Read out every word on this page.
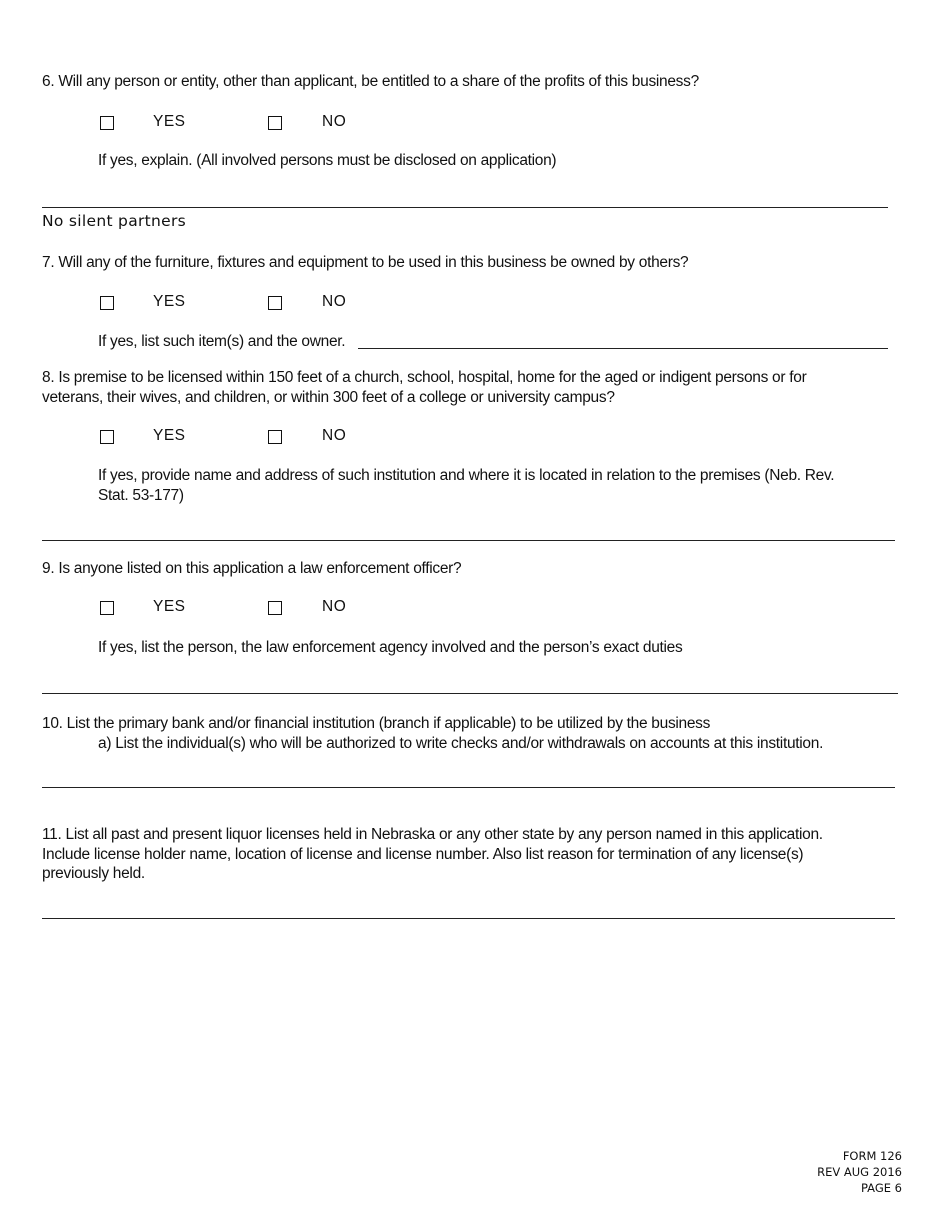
6. Will any person or entity, other than applicant, be entitled to a share of the profits of this business?
YES	NO
If yes, explain. (All involved persons must be disclosed on application)
No silent partners
7. Will any of the furniture, fixtures and equipment to be used in this business be owned by others?
YES	NO
If yes, list such item(s) and the owner.
8. Is premise to be licensed within 150 feet of a church, school, hospital, home for the aged or indigent persons or for
veterans, their wives, and children, or within 300 feet of a college or university campus?
YES	NO
If yes, provide name and address of such institution and where it is located in relation to the premises (Neb. Rev.
Stat. 53-177)
9. Is anyone listed on this application a law enforcement officer?
YES	NO
If yes, list the person, the law enforcement agency involved and the person’s exact duties
10. List the primary bank and/or financial institution (branch if applicable) to be utilized by the business
a) List the individual(s) who will be authorized to write checks and/or withdrawals on accounts at this institution.
11. List all past and present liquor licenses held in Nebraska or any other state by any person named in this application.
Include license holder name, location of license and license number. Also list reason for termination of any license(s)
previously held.
FORM 126
REV AUG 2016
PAGE 6
